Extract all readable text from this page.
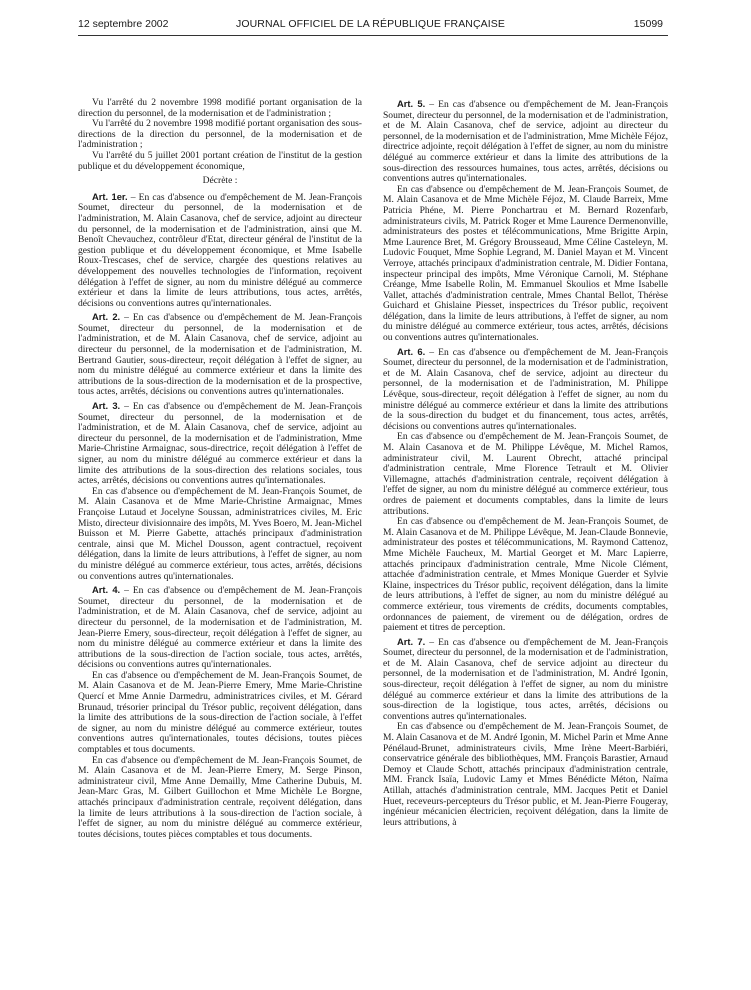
12 septembre 2002	JOURNAL OFFICIEL DE LA RÉPUBLIQUE FRANÇAISE	15099

Vu l'arrêté du 2 novembre 1998 modifié portant organisation de la direction du personnel, de la modernisation et de l'administration ;

Vu l'arrêté du 2 novembre 1998 modifié portant organisation des sous-directions de la direction du personnel, de la modernisation et de l'administration ;

Vu l'arrêté du 5 juillet 2001 portant création de l'institut de la gestion publique et du développement économique,

Décrète :

Art. 1er. – En cas d'absence ou d'empêchement de M. Jean-François Soumet, directeur du personnel, de la modernisation et de l'administration, M. Alain Casanova, chef de service, adjoint au directeur du personnel, de la modernisation et de l'administration, ainsi que M. Benoît Chevauchez, contrôleur d'Etat, directeur général de l'institut de la gestion publique et du développement économique, et Mme Isabelle Roux-Trescases, chef de service, chargée des questions relatives au développement des nouvelles technologies de l'information, reçoivent délégation à l'effet de signer, au nom du ministre délégué au commerce extérieur et dans la limite de leurs attributions, tous actes, arrêtés, décisions ou conventions autres qu'internationales.

Art. 2. – En cas d'absence ou d'empêchement de M. Jean-François Soumet, directeur du personnel, de la modernisation et de l'administration, et de M. Alain Casanova, chef de service, adjoint au directeur du personnel, de la modernisation et de l'administration, M. Bertrand Gautier, sous-directeur, reçoit délégation à l'effet de signer, au nom du ministre délégué au commerce extérieur et dans la limite des attributions de la sous-direction de la modernisation et de la prospective, tous actes, arrêtés, décisions ou conventions autres qu'internationales.

Art. 3. – En cas d'absence ou d'empêchement de M. Jean-François Soumet, directeur du personnel, de la modernisation et de l'administration, et de M. Alain Casanova, chef de service, adjoint au directeur du personnel, de la modernisation et de l'administration, Mme Marie-Christine Armaignac, sous-directrice, reçoit délégation à l'effet de signer, au nom du ministre délégué au commerce extérieur et dans la limite des attributions de la sous-direction des relations sociales, tous actes, arrêtés, décisions ou conventions autres qu'internationales.

En cas d'absence ou d'empêchement de M. Jean-François Soumet, de M. Alain Casanova et de Mme Marie-Christine Armaignac, Mmes Françoise Lutaud et Jocelyne Soussan, administratrices civiles, M. Eric Misto, directeur divisionnaire des impôts, M. Yves Boero, M. Jean-Michel Buisson et M. Pierre Gabette, attachés principaux d'administration centrale, ainsi que M. Michel Dousson, agent contractuel, reçoivent délégation, dans la limite de leurs attributions, à l'effet de signer, au nom du ministre délégué au commerce extérieur, tous actes, arrêtés, décisions ou conventions autres qu'internationales.

Art. 4. – En cas d'absence ou d'empêchement de M. Jean-François Soumet, directeur du personnel, de la modernisation et de l'administration, et de M. Alain Casanova, chef de service, adjoint au directeur du personnel, de la modernisation et de l'administration, M. Jean-Pierre Emery, sous-directeur, reçoit délégation à l'effet de signer, au nom du ministre délégué au commerce extérieur et dans la limite des attributions de la sous-direction de l'action sociale, tous actes, arrêtés, décisions ou conventions autres qu'internationales.

En cas d'absence ou d'empêchement de M. Jean-François Soumet, de M. Alain Casanova et de M. Jean-Pierre Emery, Mme Marie-Christine Quercí et Mme Annie Darmedru, administratrices civiles, et M. Gérard Brunaud, trésorier principal du Trésor public, reçoivent délégation, dans la limite des attributions de la sous-direction de l'action sociale, à l'effet de signer, au nom du ministre délégué au commerce extérieur, toutes conventions autres qu'internationales, toutes décisions, toutes pièces comptables et tous documents.

En cas d'absence ou d'empêchement de M. Jean-François Soumet, de M. Alain Casanova et de M. Jean-Pierre Emery, M. Serge Pinson, administrateur civil, Mme Anne Demailly, Mme Catherine Dubuis, M. Jean-Marc Gras, M. Gilbert Guillochon et Mme Michèle Le Borgne, attachés principaux d'administration centrale, reçoivent délégation, dans la limite de leurs attributions à la sous-direction de l'action sociale, à l'effet de signer, au nom du ministre délégué au commerce extérieur, toutes décisions, toutes pièces comptables et tous documents.

Art. 5. – En cas d'absence ou d'empêchement de M. Jean-François Soumet, directeur du personnel, de la modernisation et de l'administration, et de M. Alain Casanova, chef de service, adjoint au directeur du personnel, de la modernisation et de l'administration, Mme Michèle Féjoz, directrice adjointe, reçoit délégation à l'effet de signer, au nom du ministre délégué au commerce extérieur et dans la limite des attributions de la sous-direction des ressources humaines, tous actes, arrêtés, décisions ou conventions autres qu'internationales.

En cas d'absence ou d'empêchement de M. Jean-François Soumet, de M. Alain Casanova et de Mme Michèle Féjoz, M. Claude Barreix, Mme Patricia Phéne, M. Pierre Ponchartrau et M. Bernard Rozenfarb, administrateurs civils, M. Patrick Roger et Mme Laurence Dermenonville, administrateurs des postes et télécommunications, Mme Brigitte Arpin, Mme Laurence Bret, M. Grégory Brousseaud, Mme Céline Casteleyn, M. Ludovic Fouquet, Mme Sophie Legrand, M. Daniel Mayan et M. Vincent Verroye, attachés principaux d'administration centrale, M. Didier Fontana, inspecteur principal des impôts, Mme Véronique Carnoli, M. Stéphane Créange, Mme Isabelle Rolin, M. Emmanuel Skoulios et Mme Isabelle Vallet, attachés d'administration centrale, Mmes Chantal Bellot, Thérèse Guichard et Ghislaine Piesset, inspectrices du Trésor public, reçoivent délégation, dans la limite de leurs attributions, à l'effet de signer, au nom du ministre délégué au commerce extérieur, tous actes, arrêtés, décisions ou conventions autres qu'internationales.

Art. 6. – En cas d'absence ou d'empêchement de M. Jean-François Soumet, directeur du personnel, de la modernisation et de l'administration, et de M. Alain Casanova, chef de service, adjoint au directeur du personnel, de la modernisation et de l'administration, M. Philippe Lévêque, sous-directeur, reçoit délégation à l'effet de signer, au nom du ministre délégué au commerce extérieur et dans la limite des attributions de la sous-direction du budget et du financement, tous actes, arrêtés, décisions ou conventions autres qu'internationales.

En cas d'absence ou d'empêchement de M. Jean-François Soumet, de M. Alain Casanova et de M. Philippe Lévêque, M. Michel Ramos, administrateur civil, M. Laurent Obrecht, attaché principal d'administration centrale, Mme Florence Tetrault et M. Olivier Villemagne, attachés d'administration centrale, reçoivent délégation à l'effet de signer, au nom du ministre délégué au commerce extérieur, tous ordres de paiement et documents comptables, dans la limite de leurs attributions.

En cas d'absence ou d'empêchement de M. Jean-François Soumet, de M. Alain Casanova et de M. Philippe Lévêque, M. Jean-Claude Bonnevie, administrateur des postes et télécommunications, M. Raymond Cattenoz, Mme Michèle Faucheux, M. Martial Georget et M. Marc Lapierre, attachés principaux d'administration centrale, Mme Nicole Clément, attachée d'administration centrale, et Mmes Monique Guerder et Sylvie Klaine, inspectrices du Trésor public, reçoivent délégation, dans la limite de leurs attributions, à l'effet de signer, au nom du ministre délégué au commerce extérieur, tous virements de crédits, documents comptables, ordonnances de paiement, de virement ou de délégation, ordres de paiement et titres de perception.

Art. 7. – En cas d'absence ou d'empêchement de M. Jean-François Soumet, directeur du personnel, de la modernisation et de l'administration, et de M. Alain Casanova, chef de service adjoint au directeur du personnel, de la modernisation et de l'administration, M. André Igonin, sous-directeur, reçoit délégation à l'effet de signer, au nom du ministre délégué au commerce extérieur et dans la limite des attributions de la sous-direction de la logistique, tous actes, arrêtés, décisions ou conventions autres qu'internationales.

En cas d'absence ou d'empêchement de M. Jean-François Soumet, de M. Alain Casanova et de M. André Igonin, M. Michel Parin et Mme Anne Pénélaud-Brunet, administrateurs civils, Mme Irène Meert-Barbiéri, conservatrice générale des bibliothèques, MM. François Barastier, Arnaud Demoy et Claude Schott, attachés principaux d'administration centrale, MM. Franck Isaïa, Ludovic Lamy et Mmes Bénédicte Méton, Naïma Atillah, attachés d'administration centrale, MM. Jacques Petit et Daniel Huet, receveurs-percepteurs du Trésor public, et M. Jean-Pierre Fougeray, ingénieur mécanicien électricien, reçoivent délégation, dans la limite de leurs attributions, à
